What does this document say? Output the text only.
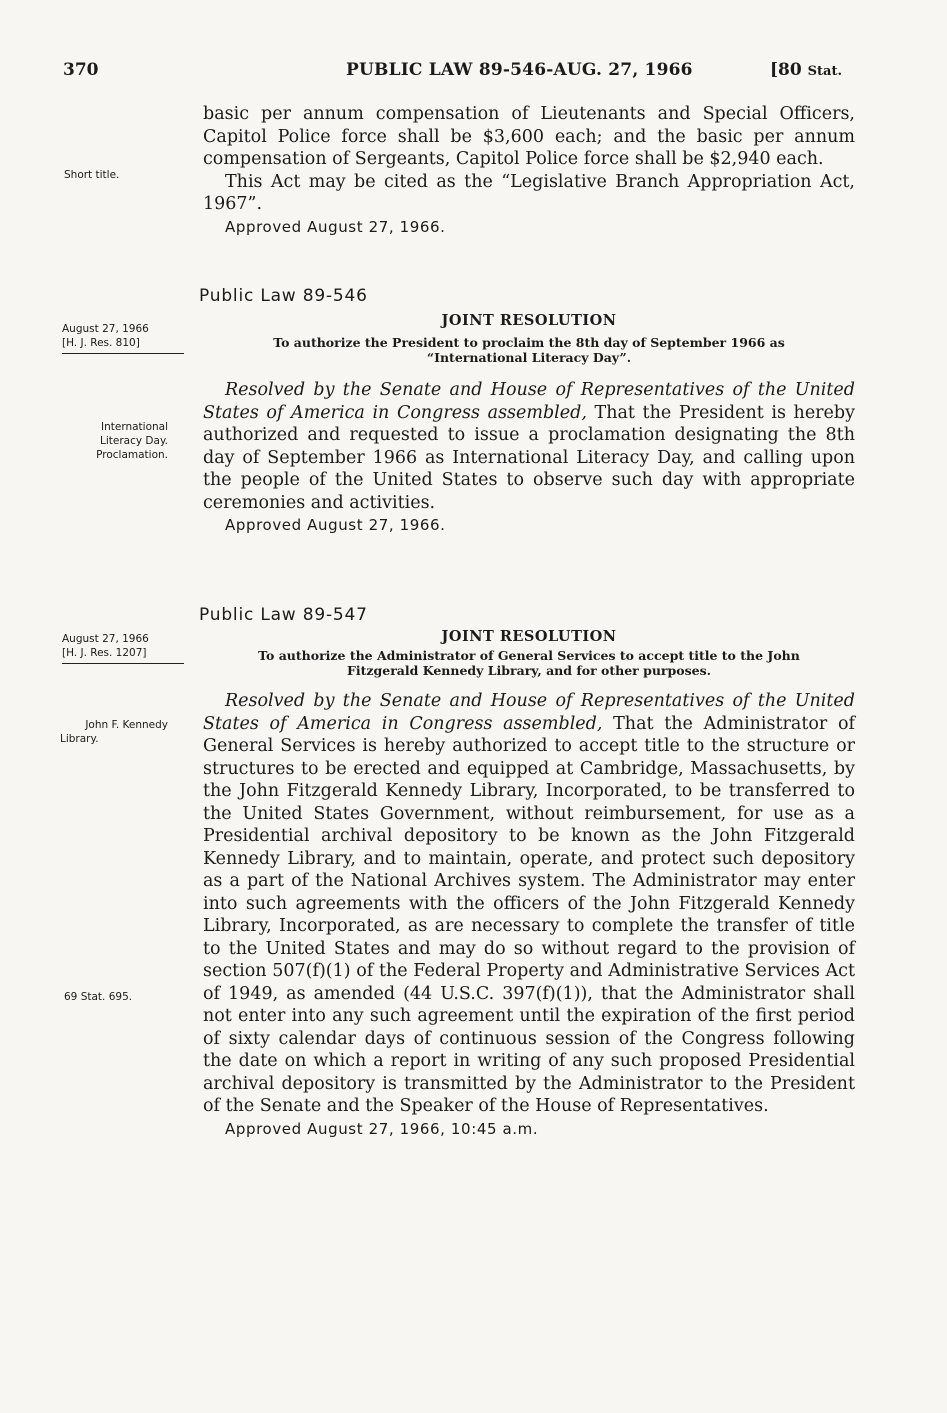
370	PUBLIC LAW 89-546-AUG. 27, 1966	[80 Stat.

basic per annum compensation of Lieutenants and Special Officers, Capitol Police force shall be $3,600 each; and the basic per annum compensation of Sergeants, Capitol Police force shall be $2,940 each.

This Act may be cited as the “Legislative Branch Appropriation Act, 1967”.

Approved August 27, 1966.
Short title.
Public Law 89-546
JOINT RESOLUTION
To authorize the President to proclaim the 8th day of September 1966 as
“International Literacy Day”.

Resolved by the Senate and House of Representatives of the United States of America in Congress assembled, That the President is hereby authorized and requested to issue a proclamation designating the 8th day of September 1966 as International Literacy Day, and calling upon the people of the United States to observe such day with appropriate ceremonies and activities.

Approved August 27, 1966.
August 27, 1966
[H. J. Res. 810]
International
Literacy Day.
Proclamation.
Public Law 89-547
JOINT RESOLUTION
To authorize the Administrator of General Services to accept title to the John
Fitzgerald Kennedy Library, and for other purposes.

Resolved by the Senate and House of Representatives of the United States of America in Congress assembled, That the Administrator of General Services is hereby authorized to accept title to the structure or structures to be erected and equipped at Cambridge, Massachusetts, by the John Fitzgerald Kennedy Library, Incorporated, to be transferred to the United States Government, without reimbursement, for use as a Presidential archival depository to be known as the John Fitzgerald Kennedy Library, and to maintain, operate, and protect such depository as a part of the National Archives system. The Administrator may enter into such agreements with the officers of the John Fitzgerald Kennedy Library, Incorporated, as are necessary to complete the transfer of title to the United States and may do so without regard to the provision of section 507(f)(1) of the Federal Property and Administrative Services Act of 1949, as amended (44 U.S.C. 397(f)(1)), that the Administrator shall not enter into any such agreement until the expiration of the first period of sixty calendar days of continuous session of the Congress following the date on which a report in writing of any such proposed Presidential archival depository is transmitted by the Administrator to the President of the Senate and the Speaker of the House of Representatives.

Approved August 27, 1966, 10:45 a.m.
August 27, 1966
[H. J. Res. 1207]
John F. Kennedy
Library.
69 Stat. 695.
